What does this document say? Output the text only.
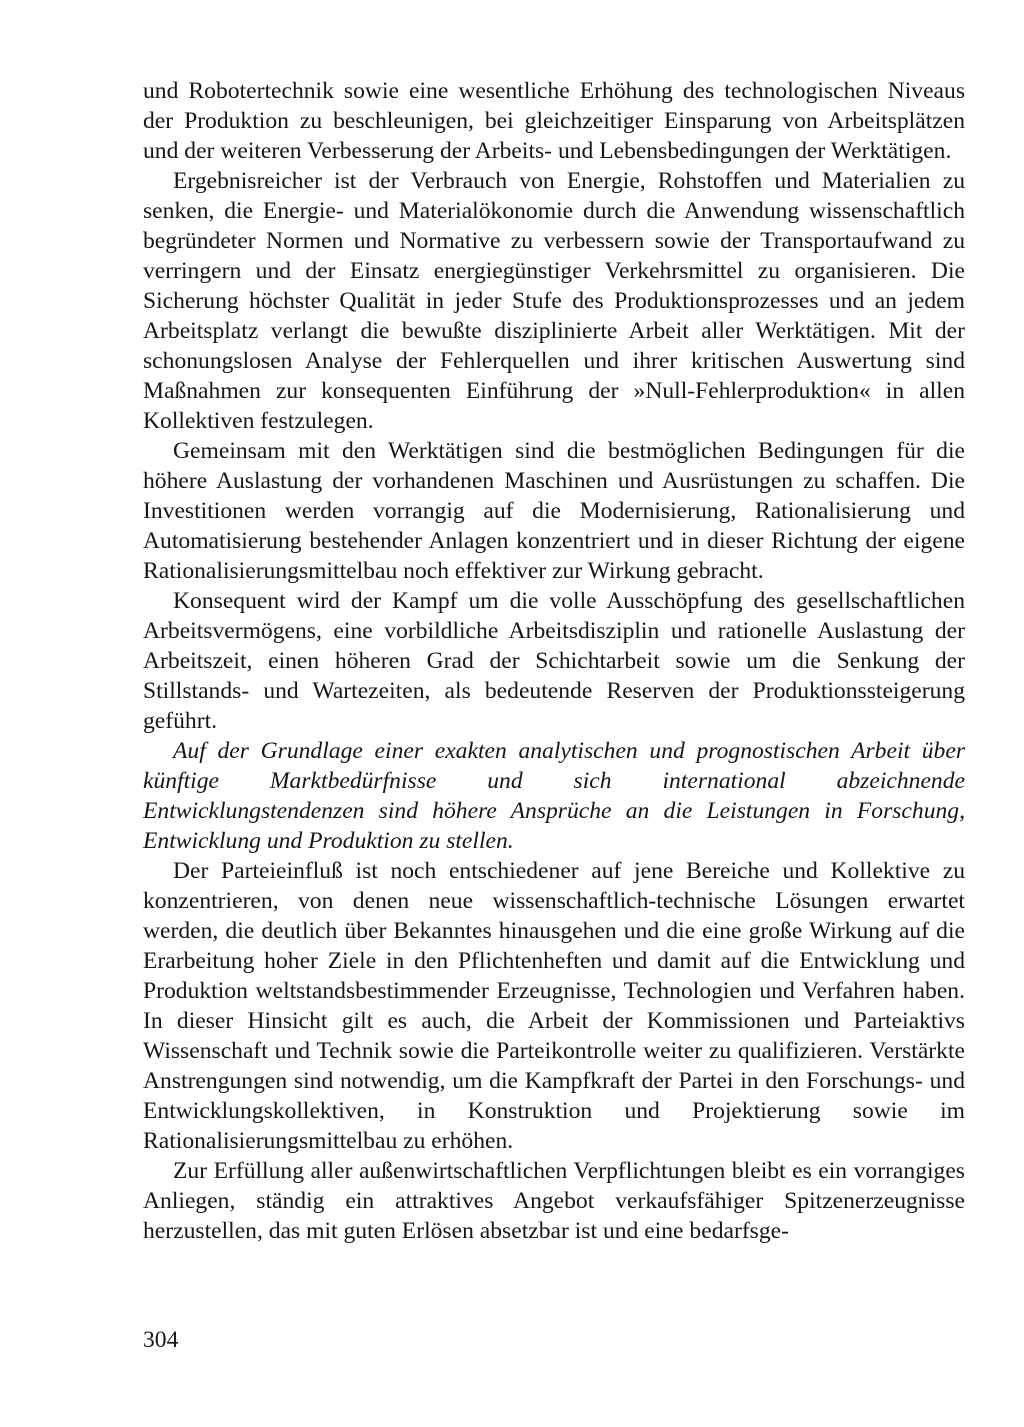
und Robotertechnik sowie eine wesentliche Erhöhung des technologischen Niveaus der Produktion zu beschleunigen, bei gleichzeitiger Einsparung von Arbeitsplätzen und der weiteren Verbesserung der Arbeits- und Lebensbedingungen der Werktätigen.

Ergebnisreicher ist der Verbrauch von Energie, Rohstoffen und Materialien zu senken, die Energie- und Materialökonomie durch die Anwendung wissenschaftlich begründeter Normen und Normative zu verbessern sowie der Transportaufwand zu verringern und der Einsatz energiegünstiger Verkehrsmittel zu organisieren. Die Sicherung höchster Qualität in jeder Stufe des Produktionsprozesses und an jedem Arbeitsplatz verlangt die bewußte disziplinierte Arbeit aller Werktätigen. Mit der schonungslosen Analyse der Fehlerquellen und ihrer kritischen Auswertung sind Maßnahmen zur konsequenten Einführung der »Null-Fehlerproduktion« in allen Kollektiven festzulegen.

Gemeinsam mit den Werktätigen sind die bestmöglichen Bedingungen für die höhere Auslastung der vorhandenen Maschinen und Ausrüstungen zu schaffen. Die Investitionen werden vorrangig auf die Modernisierung, Rationalisierung und Automatisierung bestehender Anlagen konzentriert und in dieser Richtung der eigene Rationalisierungsmittelbau noch effektiver zur Wirkung gebracht.

Konsequent wird der Kampf um die volle Ausschöpfung des gesellschaftlichen Arbeitsvermögens, eine vorbildliche Arbeitsdisziplin und rationelle Auslastung der Arbeitszeit, einen höheren Grad der Schichtarbeit sowie um die Senkung der Stillstands- und Wartezeiten, als bedeutende Reserven der Produktionssteigerung geführt.

Auf der Grundlage einer exakten analytischen und prognostischen Arbeit über künftige Marktbedürfnisse und sich international abzeichnende Entwicklungstendenzen sind höhere Ansprüche an die Leistungen in Forschung, Entwicklung und Produktion zu stellen.

Der Parteieinfluß ist noch entschiedener auf jene Bereiche und Kollektive zu konzentrieren, von denen neue wissenschaftlich-technische Lösungen erwartet werden, die deutlich über Bekanntes hinausgehen und die eine große Wirkung auf die Erarbeitung hoher Ziele in den Pflichtenheften und damit auf die Entwicklung und Produktion weltstandsbestimmender Erzeugnisse, Technologien und Verfahren haben. In dieser Hinsicht gilt es auch, die Arbeit der Kommissionen und Parteiaktivs Wissenschaft und Technik sowie die Parteikontrolle weiter zu qualifizieren. Verstärkte Anstrengungen sind notwendig, um die Kampfkraft der Partei in den Forschungs- und Entwicklungskollektiven, in Konstruktion und Projektierung sowie im Rationalisierungsmittelbau zu erhöhen.

Zur Erfüllung aller außenwirtschaftlichen Verpflichtungen bleibt es ein vorrangiges Anliegen, ständig ein attraktives Angebot verkaufsfähiger Spitzenerzeugnisse herzustellen, das mit guten Erlösen absetzbar ist und eine bedarfsge-

304
